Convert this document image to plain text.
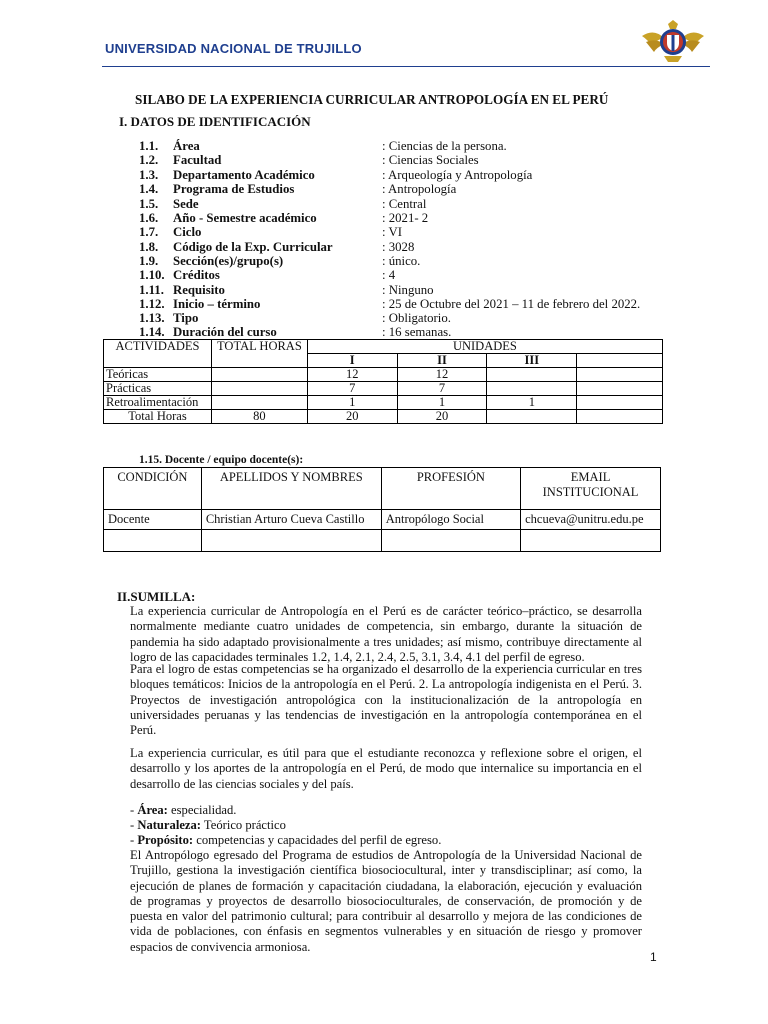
UNIVERSIDAD NACIONAL DE TRUJILLO
SILABO DE LA EXPERIENCIA CURRICULAR ANTROPOLOGÍA EN EL PERÚ
I. DATOS DE IDENTIFICACIÓN
1.1. Área	: Ciencias de la persona.
1.2. Facultad	: Ciencias Sociales
1.3. Departamento Académico	: Arqueología y Antropología
1.4. Programa de Estudios	: Antropología
1.5. Sede	: Central
1.6. Año - Semestre académico	: 2021- 2
1.7. Ciclo	: VI
1.8. Código de la Exp. Curricular	: 3028
1.9. Sección(es)/grupo(s)	: único.
1.10. Créditos	: 4
1.11. Requisito	: Ninguno
1.12. Inicio – término	: 25 de Octubre del 2021 – 11 de febrero del 2022.
1.13. Tipo	: Obligatorio.
1.14. Duración del curso	: 16 semanas.
ACTIVIDADES	TOTAL HORAS	UNIDADES			
		I	II	III	
Teóricas		12	12		
Prácticas		7	7		
Retroalimentación		1	1	1	
Total Horas	80	20	20		
1.15. Docente / equipo docente(s):
CONDICIÓN	APELLIDOS Y NOMBRES	PROFESIÓN	EMAIL INSTITUCIONAL
Docente	Christian Arturo Cueva Castillo	Antropólogo Social	chcueva@unitru.edu.pe

II.SUMILLA:
La experiencia curricular de Antropología en el Perú es de carácter teórico–práctico, se desarrolla normalmente mediante cuatro unidades de competencia, sin embargo, durante la situación de pandemia ha sido adaptado provisionalmente a tres unidades; así mismo, contribuye directamente al logro de las capacidades terminales 1.2, 1.4, 2.1, 2.4, 2.5, 3.1, 3.4, 4.1 del perfil de egreso.
Para el logro de estas competencias se ha organizado el desarrollo de la experiencia curricular en tres bloques temáticos: Inicios de la antropología en el Perú. 2. La antropología indigenista en el Perú. 3. Proyectos de investigación antropológica con la institucionalización de la antropología en universidades peruanas y las tendencias de investigación en la antropología contemporánea en el Perú.
La experiencia curricular, es útil para que el estudiante reconozca y reflexione sobre el origen, el desarrollo y los aportes de la antropología en el Perú, de modo que internalice su importancia en el desarrollo de las ciencias sociales y del país.
- Área: especialidad.
- Naturaleza: Teórico práctico
- Propósito: competencias y capacidades del perfil de egreso.
El Antropólogo egresado del Programa de estudios de Antropología de la Universidad Nacional de Trujillo, gestiona la investigación científica biosociocultural, inter y transdisciplinar; así como, la ejecución de planes de formación y capacitación ciudadana, la elaboración, ejecución y evaluación de programas y proyectos de desarrollo biosocioculturales, de conservación, de promoción y de puesta en valor del patrimonio cultural; para contribuir al desarrollo y mejora de las condiciones de vida de poblaciones, con énfasis en segmentos vulnerables y en situación de riesgo y promover espacios de convivencia armoniosa.
1
